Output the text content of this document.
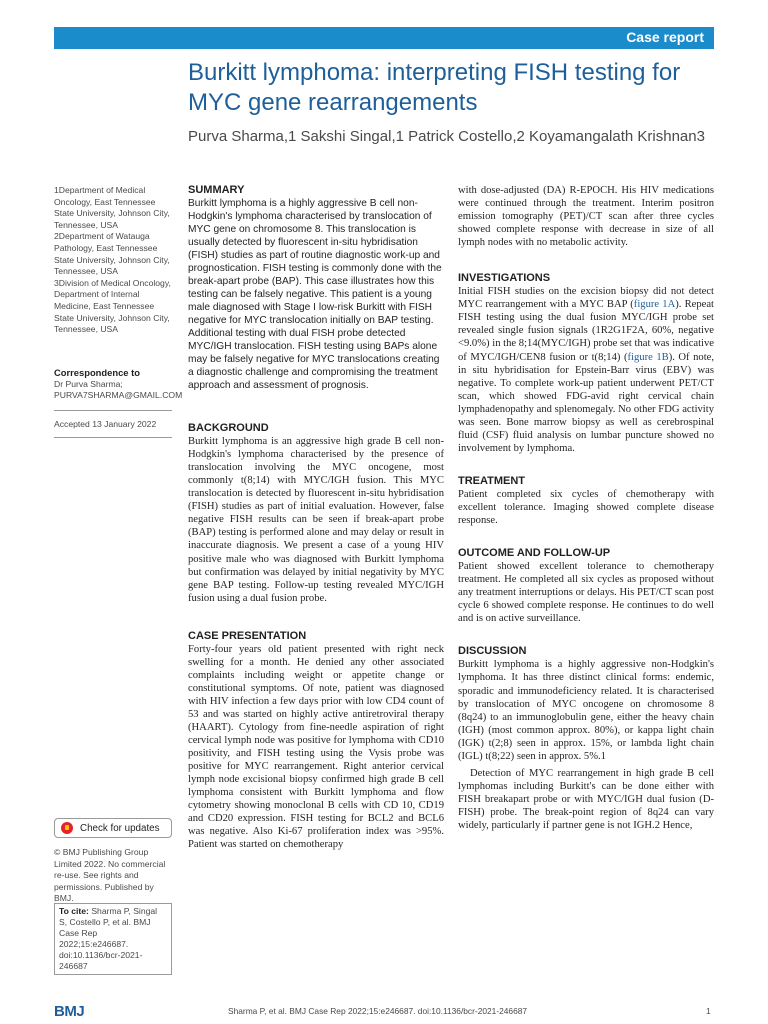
Case report
Burkitt lymphoma: interpreting FISH testing for MYC gene rearrangements
Purva Sharma,1 Sakshi Singal,1 Patrick Costello,2 Koyamangalath Krishnan3

1Department of Medical Oncology, East Tennessee State University, Johnson City, Tennessee, USA

2Department of Watauga Pathology, East Tennessee State University, Johnson City, Tennessee, USA

3Division of Medical Oncology, Department of Internal Medicine, East Tennessee State University, Johnson City, Tennessee, USA

Correspondence to

Dr Purva Sharma;

PURVA7SHARMA@GMAIL.COM

Accepted 13 January 2022
Check for updates
© BMJ Publishing Group Limited 2022. No commercial re-use. See rights and permissions. Published by BMJ.
To cite: Sharma P, Singal S, Costello P, et al. BMJ Case Rep 2022;15:e246687. doi:10.1136/bcr-2021-246687
BMJ	Sharma P, et al. BMJ Case Rep 2022;15:e246687. doi:10.1136/bcr-2021-246687	1

SUMMARY

Burkitt lymphoma is a highly aggressive B cell non-Hodgkin's lymphoma characterised by translocation of MYC gene on chromosome 8. This translocation is usually detected by fluorescent in-situ hybridisation (FISH) studies as part of routine diagnostic work-up and prognostication. FISH testing is commonly done with the break-apart probe (BAP). This case illustrates how this testing can be falsely negative. This patient is a young male diagnosed with Stage I low-risk Burkitt with FISH negative for MYC translocation initially on BAP testing. Additional testing with dual FISH probe detected MYC/IGH translocation. FISH testing using BAPs alone may be falsely negative for MYC translocations creating a diagnostic challenge and compromising the treatment approach and assessment of prognosis.

BACKGROUND

Burkitt lymphoma is an aggressive high grade B cell non-Hodgkin's lymphoma characterised by the presence of translocation involving the MYC oncogene, most commonly t(8;14) with MYC/IGH fusion. This MYC translocation is detected by fluorescent in-situ hybridisation (FISH) studies as part of initial evaluation. However, false negative FISH results can be seen if break-apart probe (BAP) testing is performed alone and may delay or result in inaccurate diagnosis. We present a case of a young HIV positive male who was diagnosed with Burkitt lymphoma but confirmation was delayed by initial negativity by MYC gene BAP testing. Follow-up testing revealed MYC/IGH fusion using a dual fusion probe.

CASE PRESENTATION

Forty-four years old patient presented with right neck swelling for a month. He denied any other associated complaints including weight or appetite change or constitutional symptoms. Of note, patient was diagnosed with HIV infection a few days prior with low CD4 count of 53 and was started on highly active antiretroviral therapy (HAART). Cytology from fine-needle aspiration of right cervical lymph node was positive for lymphoma with CD10 positivity, and FISH testing using the Vysis probe was positive for MYC rearrangement. Right anterior cervical lymph node excisional biopsy confirmed high grade B cell lymphoma consistent with Burkitt lymphoma and flow cytometry showing monoclonal B cells with CD 10, CD19 and CD20 expression. FISH testing for BCL2 and BCL6 was negative. Also Ki-67 proliferation index was >95%. Patient was started on chemotherapy

with dose-adjusted (DA) R-EPOCH. His HIV medications were continued through the treatment. Interim positron emission tomography (PET)/CT scan after three cycles showed complete response with decrease in size of all lymph nodes with no metabolic activity.

INVESTIGATIONS

Initial FISH studies on the excision biopsy did not detect MYC rearrangement with a MYC BAP (figure 1A). Repeat FISH testing using the dual fusion MYC/IGH probe set revealed single fusion signals (1R2G1F2A, 60%, negative <9.0%) in the 8;14(MYC/IGH) probe set that was indicative of MYC/IGH/CEN8 fusion or t(8;14) (figure 1B). Of note, in situ hybridisation for Epstein-Barr virus (EBV) was negative. To complete work-up patient underwent PET/CT scan, which showed FDG-avid right cervical chain lymphadenopathy and splenomegaly. No other FDG activity was seen. Bone marrow biopsy as well as cerebrospinal fluid (CSF) fluid analysis on lumbar puncture showed no involvement by lymphoma.

TREATMENT

Patient completed six cycles of chemotherapy with excellent tolerance. Imaging showed complete disease response.

OUTCOME AND FOLLOW-UP

Patient showed excellent tolerance to chemotherapy treatment. He completed all six cycles as proposed without any treatment interruptions or delays. His PET/CT scan post cycle 6 showed complete response. He continues to do well and is on active surveillance.

DISCUSSION

Burkitt lymphoma is a highly aggressive non-Hodgkin's lymphoma. It has three distinct clinical forms: endemic, sporadic and immunodeficiency related. It is characterised by translocation of MYC oncogene on chromosome 8 (8q24) to an immunoglobulin gene, either the heavy chain (IGH) (most common approx. 80%), or kappa light chain (IGK) t(2;8) seen in approx. 15%, or lambda light chain (IGL) t(8;22) seen in approx. 5%.1

Detection of MYC rearrangement in high grade B cell lymphomas including Burkitt's can be done either with FISH breakapart probe or with MYC/IGH dual fusion (D-FISH) probe. The break-point region of 8q24 can vary widely, particularly if partner gene is not IGH.2 Hence,
